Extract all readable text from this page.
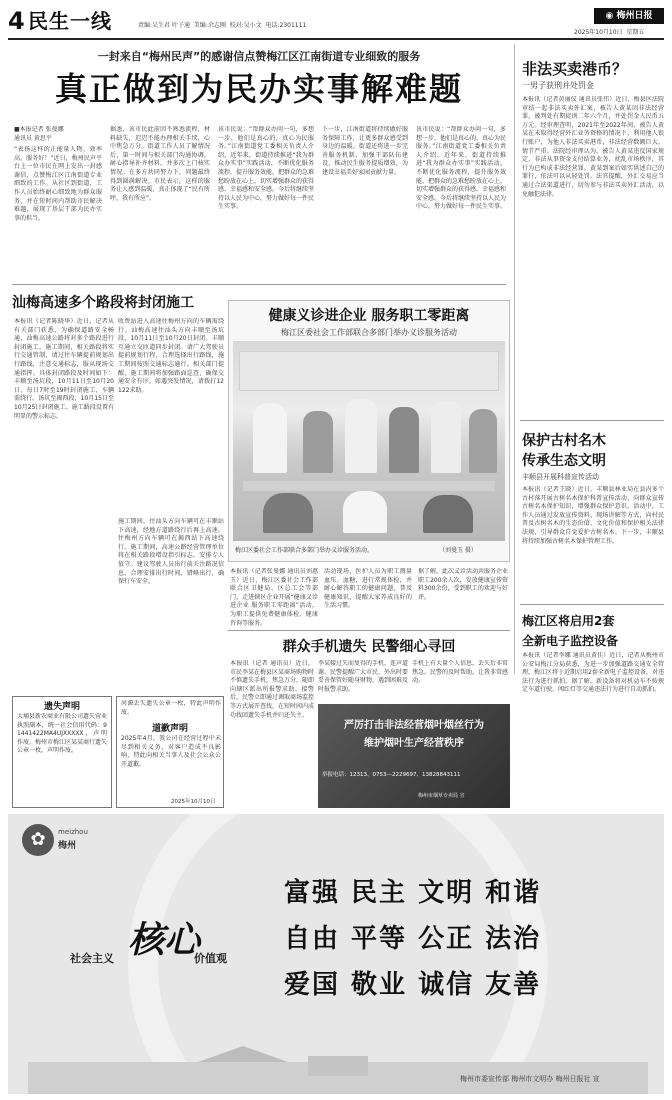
4 民生一线	责编:吴生君 叶子通 美编:余志刚 校对:吴小文 电话:2301111
◉ 梅州日报
2025年10月10日 星期五
一封来自“梅州民声”的感谢信点赞梅江区江南街道专业细致的服务
真正做到为民办实事解难题
■本报记者 张曼娜
通讯员 黄思平
“表扬这样的正能量人物，效率高，服务好！”近日，梅州民声平台上一位市民在网上发出一封感谢信，点赞梅江区江南街道专业细致的工作。从社区到街道，工作人员始终耐心细致地为群众服务，并在短时间内帮助市民解决难题，展现了基层干部为民办实事的担当。
据悉，该市民此前因不熟悉流程，材料缺失，迟迟不能办理相关手续，心中焦急万分。街道工作人员了解情况后，第一时间与相关部门沟通协调，耐心指导补齐材料，并多次上门核实情况。在多方共同努力下，问题最终得到圆满解决。市民表示，这样的服务让人感到温暖，真正体现了“民有所呼，我有所应”。
该市民说：“帮群众办问一句，多想一步，他们是真心的，真心为民服务。”江南街道党工委相关负责人介绍，近年来，街道持续推进“我为群众办实事”实践活动，不断优化服务流程，提升服务效能，把群众的急难愁盼放在心上，切实增强群众的获得感、幸福感和安全感。今后将继续坚持以人民为中心，努力做好每一件民生实事。
下一步，江南街道将持续做好服务保障工作，让更多群众感受到身边的温暖。街道还将进一步完善服务机制，加强干部队伍建设，推动民生服务提质增效，为建设幸福美好家园贡献力量。
该市民说：“帮群众办问一句，多想一步，他们是真心的，真心为民服务。”江南街道党工委相关负责人介绍，近年来，街道持续推进“我为群众办实事”实践活动，不断优化服务流程，提升服务效能，把群众的急难愁盼放在心上，切实增强群众的获得感、幸福感和安全感。今后将继续坚持以人民为中心，努力做好每一件民生实事。
非法买卖港币？
一男子获刑并处罚金
本报讯（记者黄丽仪 通讯员张伟）近日，梅县区法院审结一起非法买卖外汇案，被告人黄某因非法经营罪，被判处有期徒刑二年六个月，并处罚金人民币五万元。经审理查明，2021年至2022年间，被告人黄某在未取得经营外汇业务资格的情况下，利用他人银行账户，为他人非法买卖港币，非法经营数额巨大，情节严重。法院经审理认为，被告人黄某违反国家规定，非法从事资金支付结算业务，扰乱市场秩序，其行为已构成非法经营罪。黄某到案后如实供述自己的罪行，依法可以从轻处罚。法官提醒，外汇交易应当通过合法渠道进行，切勿参与非法买卖外汇活动，以免触犯法律。
汕梅高速多个路段将封闭施工
本报讯（记者陈晓华）近日，记者从有关部门获悉，为确保道路安全畅通，汕梅高速公路将对多个路段进行封闭施工。施工期间，相关路段将实行交通管制，请过往车辆提前规划出行路线，注意交通标志，服从现场交通指挥。具体封闭路段及时间如下：丰顺至汤坑段，10月11日至10月20日，每日7时至19时封闭施工，车辆需绕行。汤坑至揭西段，10月15日至10月25日封闭施工。施工路段设置有明显的警示标志。
收费站进入高速往梅州方向的车辆需绕行。汕梅高速往汕头方向丰顺至汤坑段，10月11日至10月20日封闭。丰顺互通立交匝道同步封闭。请广大驾驶员提前规划行程，合理选择出行路线，施工期间按照交通标志通行。相关部门提醒，施工期间将加强路面巡查，确保交通安全有序。如遇突发情况，请拨打12122求助。
施工期间，往汕头方向车辆可在丰顺站下高速，经地方道路绕行后再上高速。往梅州方向车辆可在揭西站下高速绕行。施工期间，高速公路经营管理单位将在相关路段增设指引标志，安排专人值守。建议驾驶人员出行前关注路况信息，合理安排出行时间，错峰出行，确保行车安全。
健康义诊进企业 服务职工零距离
梅江区委社会工作部联合多部门举办义诊服务活动
梅江区委社会工作部联合多部门举办义诊服务活动。	（刘曼玉 摄）
本报讯（记者张曼娜 通讯员刘惠玉）近日，梅江区委社会工作部联合区卫健局、区总工会等部门，走进辖区企业开展“健康义诊进企业 服务职工零距离”活动，为职工提供免费健康体检、健康咨询等服务。
活动现场，医护人员为职工测量血压、血糖，进行常规体检，并耐心解答职工的健康问题，普及健康知识，提醒大家养成良好的生活习惯。
据了解，此次义诊活动共服务企业职工200余人次，发放健康宣传资料300余份，受到职工的欢迎与好评。
保护古村名木
传承生态文明
丰顺县开展科普宣传活动
本报讯（记者王晓）近日，丰顺县林业局在县内多个古村落开展古树名木保护科普宣传活动，向群众宣传古树名木保护知识，增强群众保护意识。活动中，工作人员通过发放宣传资料、现场讲解等方式，向村民普及古树名木的生态价值、文化价值和保护相关法律法规，引导群众自觉爱护古树名木。下一步，丰顺县将持续加强古树名木保护管理工作。
梅江区将启用2套
全新电子监控设备
本报讯（记者李娜 通讯员黄佳）近日，记者从梅州市公安局梅江分局获悉，为进一步加强道路交通安全管理，梅江区将于近期启用2套全新电子监控设备，对违法行为进行抓拍。据了解，新设备将对机动车不按规定车道行驶、闯红灯等交通违法行为进行自动抓拍。
群众手机遗失 民警细心寻回
本报讯（记者 通讯员）近日，市民李某在梅县区某商场购物时不慎遗失手机，焦急万分，随即向辖区派出所报警求助。接警后，民警立即通过调取商场监控等方式展开查找，在短时间内成功找回遗失手机并归还失主。
李某接过失而复得的手机，连声道谢。民警提醒广大市民，外出时要妥善保管好随身财物，遇到困难及时报警求助。
手机上有大量个人信息，丢失后非常焦急。民警的及时帮助，让我非常感动。
严厉打击非法经营烟叶烟丝行为
维护烟叶生产经营秩序
举报电话：12313、0753—2229697、13828843111
梅州市烟草专卖局 宣
遗失声明
大埔县新农商业有限公司遗失营业执照副本，统一社会信用代码：91441422MA4UJXXXXX，声明作废。梅州市梅江区某某商行遗失公章一枚，声明作废。
河源丢失遗失公章一枚，特此声明作废。
道歉声明
2025年4月，我公司在经营过程中未尽到相关义务，对客户造成不良影响，特此向相关当事人及社会公众公开道歉。
2025年10月10日
✿	meizhou
梅州
社会主义 核心
价值观
富强 民主 文明 和谐
自由 平等 公正 法治
爱国 敬业 诚信 友善
梅州市委宣传部 梅州市文明办 梅州日报社 宣
